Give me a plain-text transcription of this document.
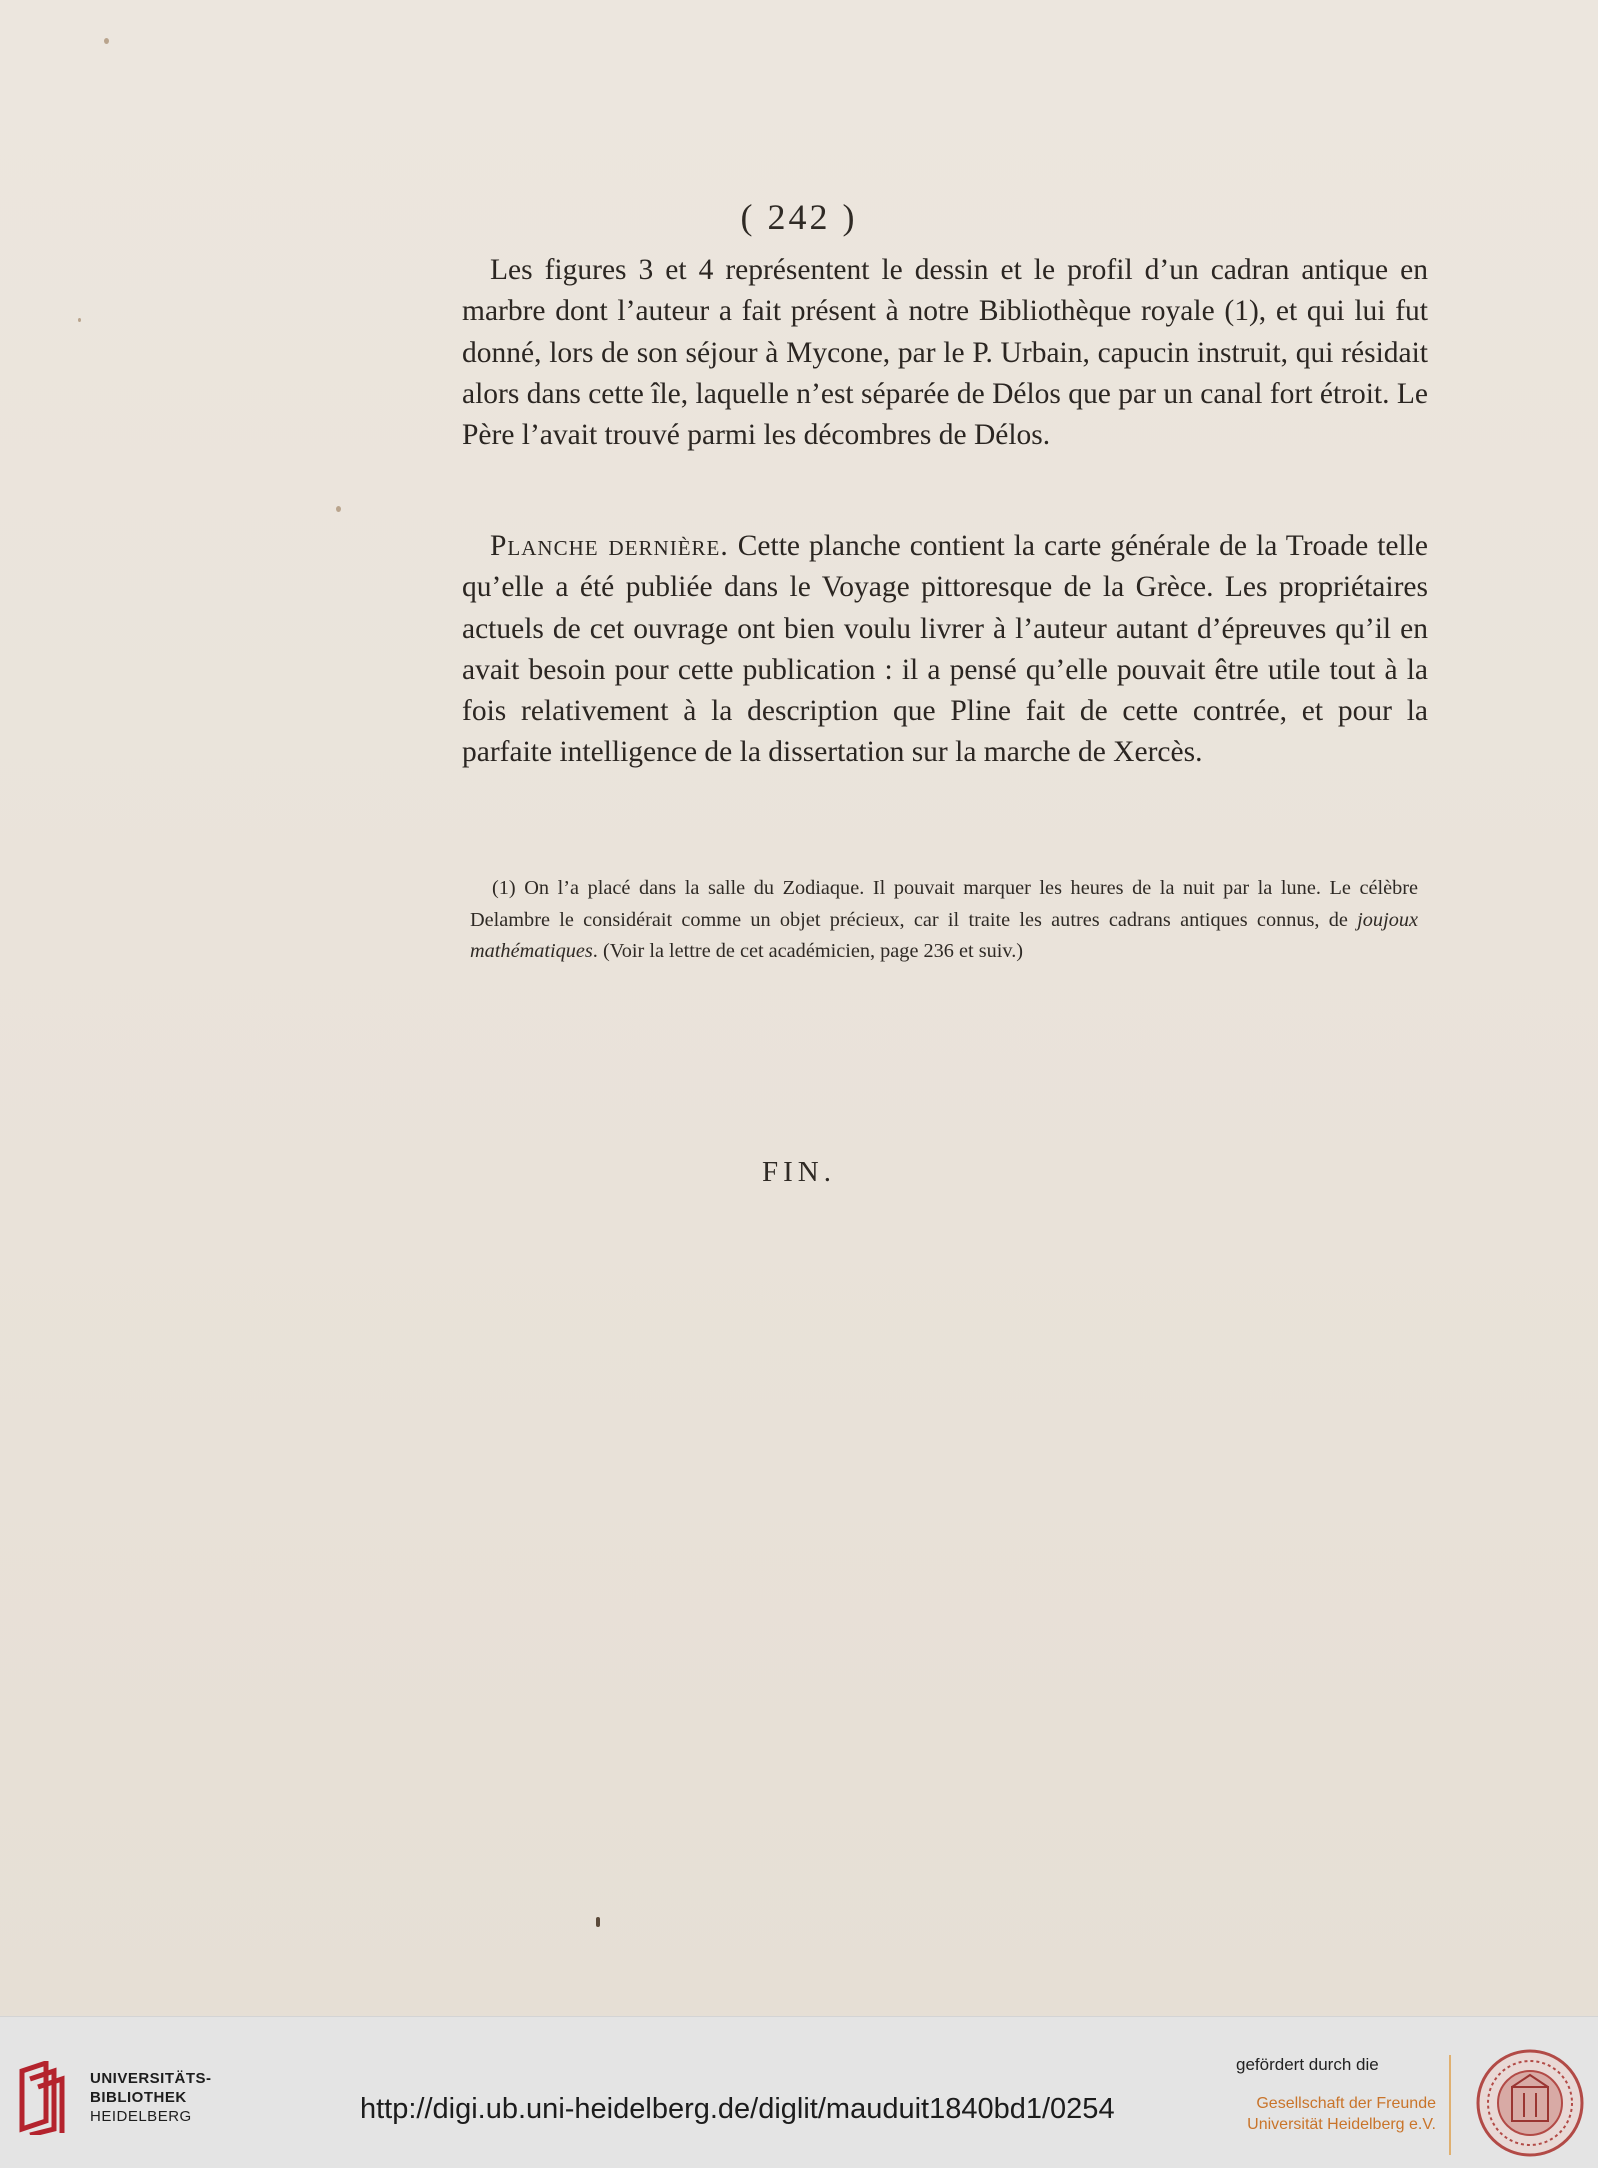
( 242 )

Les figures 3 et 4 représentent le dessin et le profil d’un cadran antique en marbre dont l’auteur a fait présent à notre Bibliothèque royale (1), et qui lui fut donné, lors de son séjour à Mycone, par le P. Urbain, capucin instruit, qui résidait alors dans cette île, laquelle n’est séparée de Délos que par un canal fort étroit. Le Père l’avait trouvé parmi les décombres de Délos.

Planche dernière. Cette planche contient la carte générale de la Troade telle qu’elle a été publiée dans le Voyage pittoresque de la Grèce. Les propriétaires actuels de cet ouvrage ont bien voulu livrer à l’auteur autant d’épreuves qu’il en avait besoin pour cette publication : il a pensé qu’elle pouvait être utile tout à la fois relativement à la description que Pline fait de cette contrée, et pour la parfaite intelligence de la dissertation sur la marche de Xercès.

(1) On l’a placé dans la salle du Zodiaque. Il pouvait marquer les heures de la nuit par la lune. Le célèbre Delambre le considérait comme un objet précieux, car il traite les autres cadrans antiques connus, de joujoux mathématiques. (Voir la lettre de cet académicien, page 236 et suiv.)

FIN.
UNIVERSITÄTS-
BIBLIOTHEK
HEIDELBERG	http://digi.ub.uni-heidelberg.de/diglit/mauduit1840bd1/0254
gefördert durch die
Gesellschaft der Freunde
Universität Heidelberg e.V.
